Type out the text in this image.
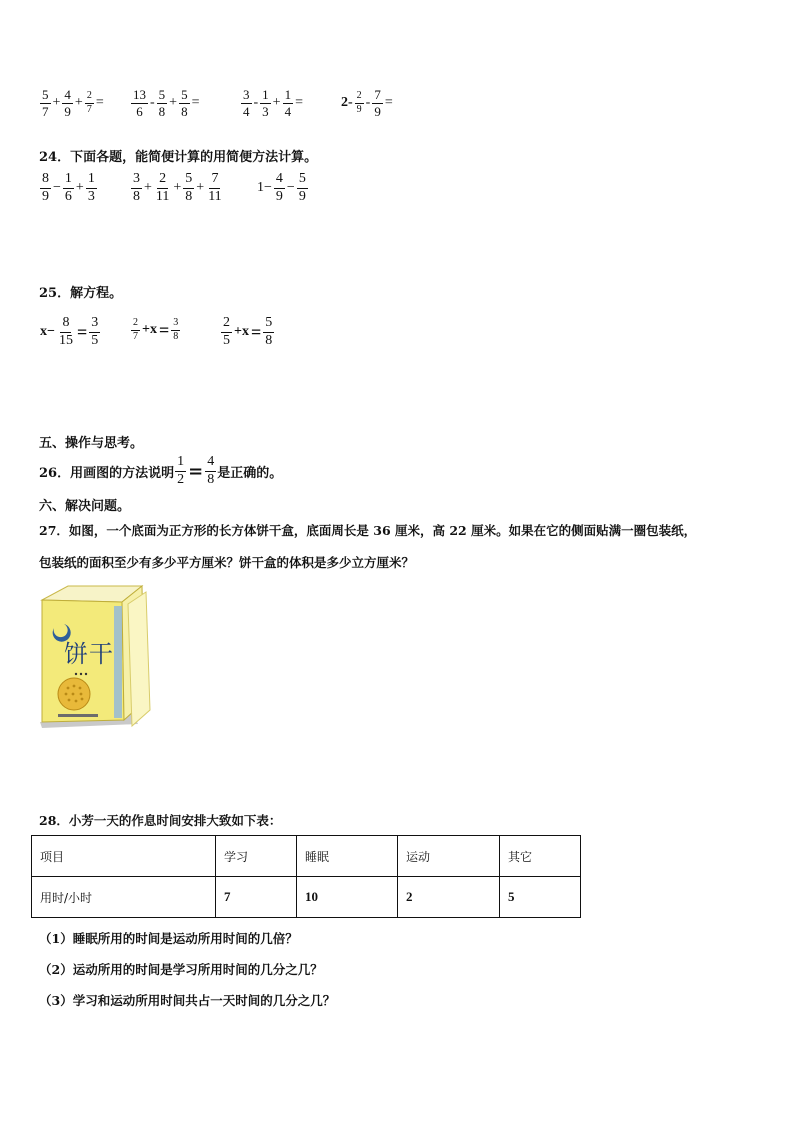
$\frac{5}{7} + \frac{4}{9} + \frac{2}{7} = \frac{13}{6} - \frac{5}{8} + \frac{5}{8}$ =	$\frac{3}{4} - \frac{1}{3} + \frac{1}{4}$ =	$2- \frac{2}{9} - \frac{7}{9}$ =
24．下面各题，能简便计算的用简便方法计算。
$\frac{8}{9} - \frac{1}{6} + \frac{1}{3} \frac{3}{8} + \frac{2}{11} + \frac{5}{8} + \frac{7}{11} 1- \frac{4}{9} - \frac{5}{9}$
25．解方程。
$x- \frac{8}{15} = \frac{3}{5}$	$\frac{2}{7} +x = \frac{3}{8}$	$\frac{2}{5} +x = \frac{5}{8}$
五、操作与思考。
26．用画图的方法说明 $\frac{1}{2} = \frac{4}{8}$ 是正确的。
六、解决问题。
27．如图，一个底面为正方形的长方体饼干盒，底面周长是 36 厘米，高 22 厘米。如果在它的侧面贴满一圈包装纸，
包装纸的面积至少有多少平方厘米？饼干盒的体积是多少立方厘米？
饼干
28．小芳一天的作息时间安排大致如下表：
项目	学习	睡眠	运动	其它
用时/小时	7	10	2	5
（1）睡眠所用的时间是运动所用时间的几倍？
（2）运动所用的时间是学习所用时间的几分之几？
（3）学习和运动所用时间共占一天时间的几分之几？
